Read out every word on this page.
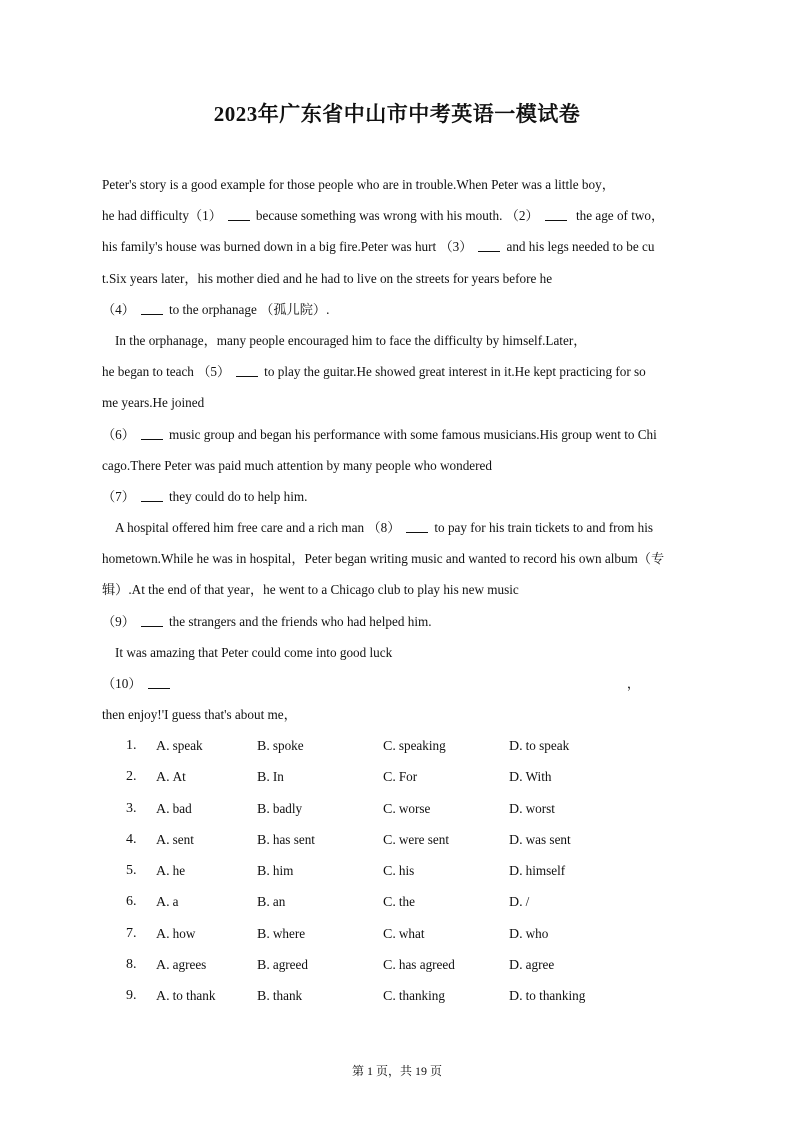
2023年广东省中山市中考英语一模试卷
Peter's story is a good example for those people who are in trouble.When Peter was a little boy，
he had difficulty（1）	because something was wrong with his mouth. （2）	the age of two，
his family's house was burned down in a big fire.Peter was hurt （3）	and his legs needed to be cu
t.Six years later，his mother died and he had to live on the streets for years before he
（4）	to the orphanage （孤儿院）.
In the orphanage，many people encouraged him to face the difficulty by himself.Later，
he began to teach （5）	to play the guitar.He showed great interest in it.He kept practicing for so
me years.He joined
（6）	music group and began his performance with some famous musicians.His group went to Chi
cago.There Peter was paid much attention by many people who wondered
（7）	they could do to help him.
A hospital offered him free care and a rich man （8）	to pay for his train tickets to and from his
hometown.While he was in hospital，Peter began writing music and wanted to record his own album（专
辑）.At the end of that year，he went to a Chicago club to play his new music
（9）	the strangers and the friends who had helped him.
It was amazing that Peter could come into good luck
（10）	，
then enjoy!'I guess that's about me，
1. A. speak	B. spoke	C. speaking	D. to speak
2. A. At	B. In	C. For	D. With
3. A. bad	B. badly	C. worse	D. worst
4. A. sent	B. has sent	C. were sent	D. was sent
5. A. he	B. him	C. his	D. himself
6. A. a	B. an	C. the	D. /
7. A. how	B. where	C. what	D. who
8. A. agrees	B. agreed	C. has agreed	D. agree
9. A. to thank	B. thank	C. thanking	D. to thanking
第 1 页，共 19 页
